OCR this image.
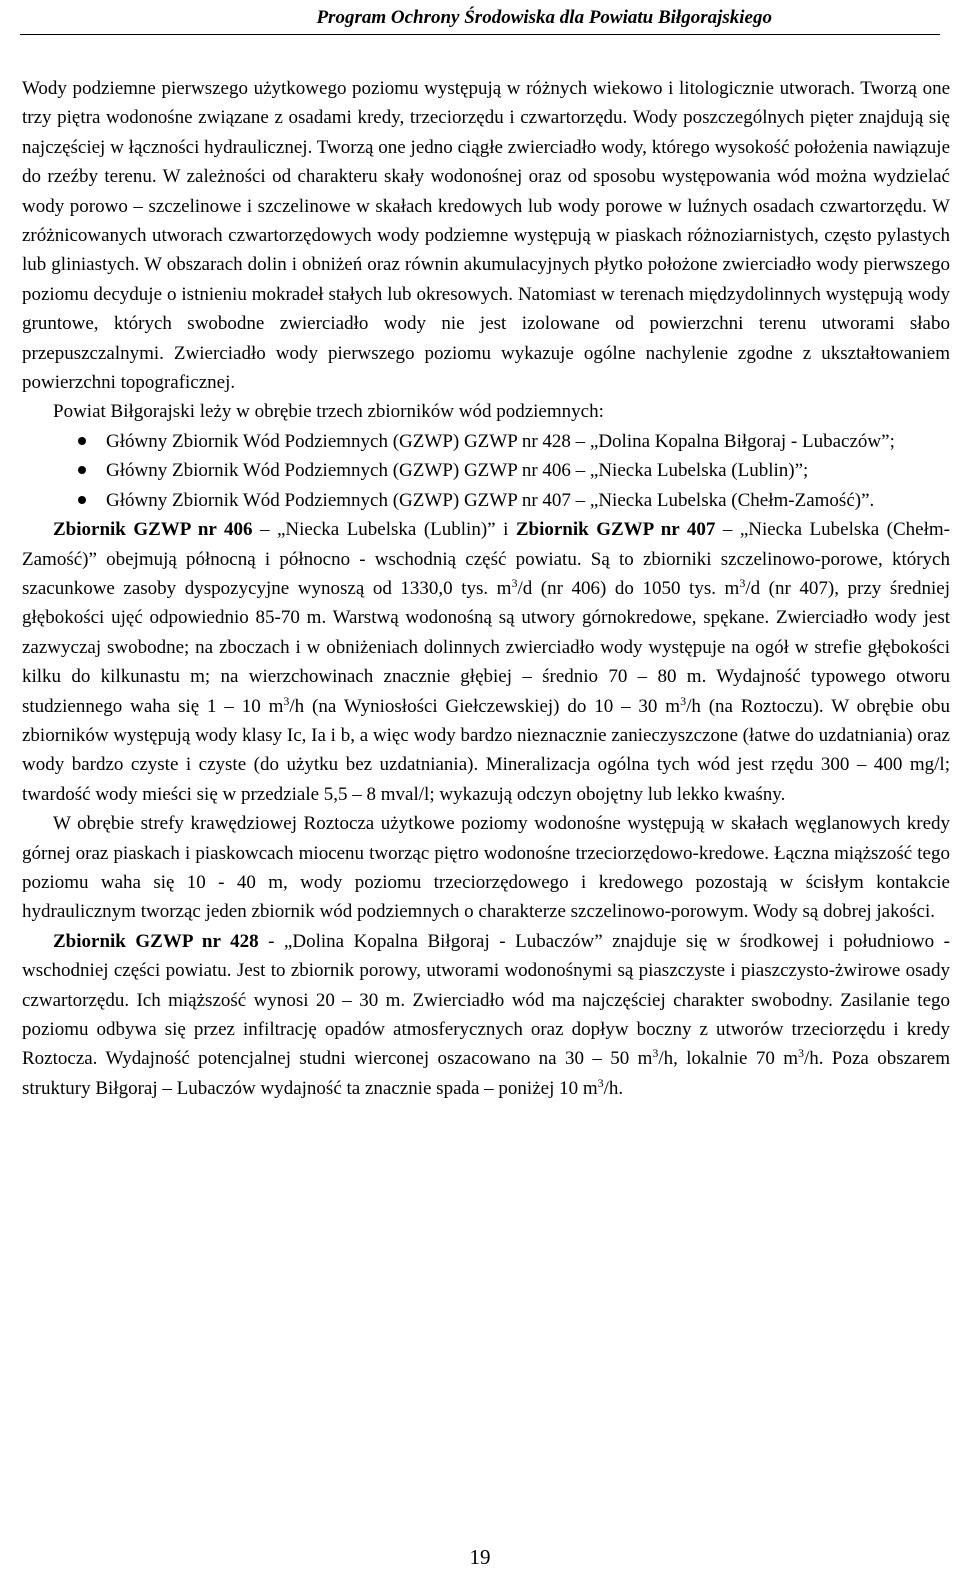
Program Ochrony Środowiska dla Powiatu Biłgorajskiego

Wody podziemne pierwszego użytkowego poziomu występują w różnych wiekowo i litologicznie utworach. Tworzą one trzy piętra wodonośne związane z osadami kredy, trzeciorzędu i czwartorzędu. Wody poszczególnych pięter znajdują się najczęściej w łączności hydraulicznej. Tworzą one jedno ciągłe zwierciadło wody, którego wysokość położenia nawiązuje do rzeźby terenu. W zależności od charakteru skały wodonośnej oraz od sposobu występowania wód można wydzielać wody porowo – szczelinowe i szczelinowe w skałach kredowych lub wody porowe w luźnych osadach czwartorzędu. W zróżnicowanych utworach czwartorzędowych wody podziemne występują w piaskach różnoziarnistych, często pylastych lub gliniastych. W obszarach dolin i obniżeń oraz równin akumulacyjnych płytko położone zwierciadło wody pierwszego poziomu decyduje o istnieniu mokradeł stałych lub okresowych. Natomiast w terenach międzydolinnych występują wody gruntowe, których swobodne zwierciadło wody nie jest izolowane od powierzchni terenu utworami słabo przepuszczalnymi. Zwierciadło wody pierwszego poziomu wykazuje ogólne nachylenie zgodne z ukształtowaniem powierzchni topograficznej.

Powiat Biłgorajski leży w obrębie trzech zbiorników wód podziemnych:

Główny Zbiornik Wód Podziemnych (GZWP) GZWP nr 428 – „Dolina Kopalna Biłgoraj - Lubaczów”;
Główny Zbiornik Wód Podziemnych (GZWP) GZWP nr 406 – „Niecka Lubelska (Lublin)”;
Główny Zbiornik Wód Podziemnych (GZWP) GZWP nr 407 – „Niecka Lubelska (Chełm-Zamość)”.

Zbiornik GZWP nr 406 – „Niecka Lubelska (Lublin)” i Zbiornik GZWP nr 407 – „Niecka Lubelska (Chełm-Zamość)” obejmują północną i północno - wschodnią część powiatu. Są to zbiorniki szczelinowo-porowe, których szacunkowe zasoby dyspozycyjne wynoszą od 1330,0 tys. $m^3/d$ (nr 406) do 1050 tys. $m^3/d$ (nr 407), przy średniej głębokości ujęć odpowiednio 85-70 m. Warstwą wodonośną są utwory górnokredowe, spękane. Zwierciadło wody jest zazwyczaj swobodne; na zboczach i w obniżeniach dolinnych zwierciadło wody występuje na ogół w strefie głębokości kilku do kilkunastu m; na wierzchowinach znacznie głębiej – średnio 70 – 80 m. Wydajność typowego otworu studziennego waha się 1 – 10 $m^3/h$ (na Wyniosłości Giełczewskiej) do 10 – 30 $m^3/h$ (na Roztoczu). W obrębie obu zbiorników występują wody klasy Ic, Ia i b, a więc wody bardzo nieznacznie zanieczyszczone (łatwe do uzdatniania) oraz wody bardzo czyste i czyste (do użytku bez uzdatniania). Mineralizacja ogólna tych wód jest rzędu 300 – 400 mg/l; twardość wody mieści się w przedziale 5,5 – 8 mval/l; wykazują odczyn obojętny lub lekko kwaśny.

W obrębie strefy krawędziowej Roztocza użytkowe poziomy wodonośne występują w skałach węglanowych kredy górnej oraz piaskach i piaskowcach miocenu tworząc piętro wodonośne trzeciorzędowo-kredowe. Łączna miąższość tego poziomu waha się 10 - 40 m, wody poziomu trzeciorzędowego i kredowego pozostają w ścisłym kontakcie hydraulicznym tworząc jeden zbiornik wód podziemnych o charakterze szczelinowo-porowym. Wody są dobrej jakości.

Zbiornik GZWP nr 428 - „Dolina Kopalna Biłgoraj - Lubaczów” znajduje się w środkowej i południowo - wschodniej części powiatu. Jest to zbiornik porowy, utworami wodonośnymi są piaszczyste i piaszczysto-żwirowe osady czwartorzędu. Ich miąższość wynosi 20 – 30 m. Zwierciadło wód ma najczęściej charakter swobodny. Zasilanie tego poziomu odbywa się przez infiltrację opadów atmosferycznych oraz dopływ boczny z utworów trzeciorzędu i kredy Roztocza. Wydajność potencjalnej studni wierconej oszacowano na 30 – 50 $m^3/h$, lokalnie 70 $m^3/h$. Poza obszarem struktury Biłgoraj – Lubaczów wydajność ta znacznie spada – poniżej 10 $m^3/h$.

19
